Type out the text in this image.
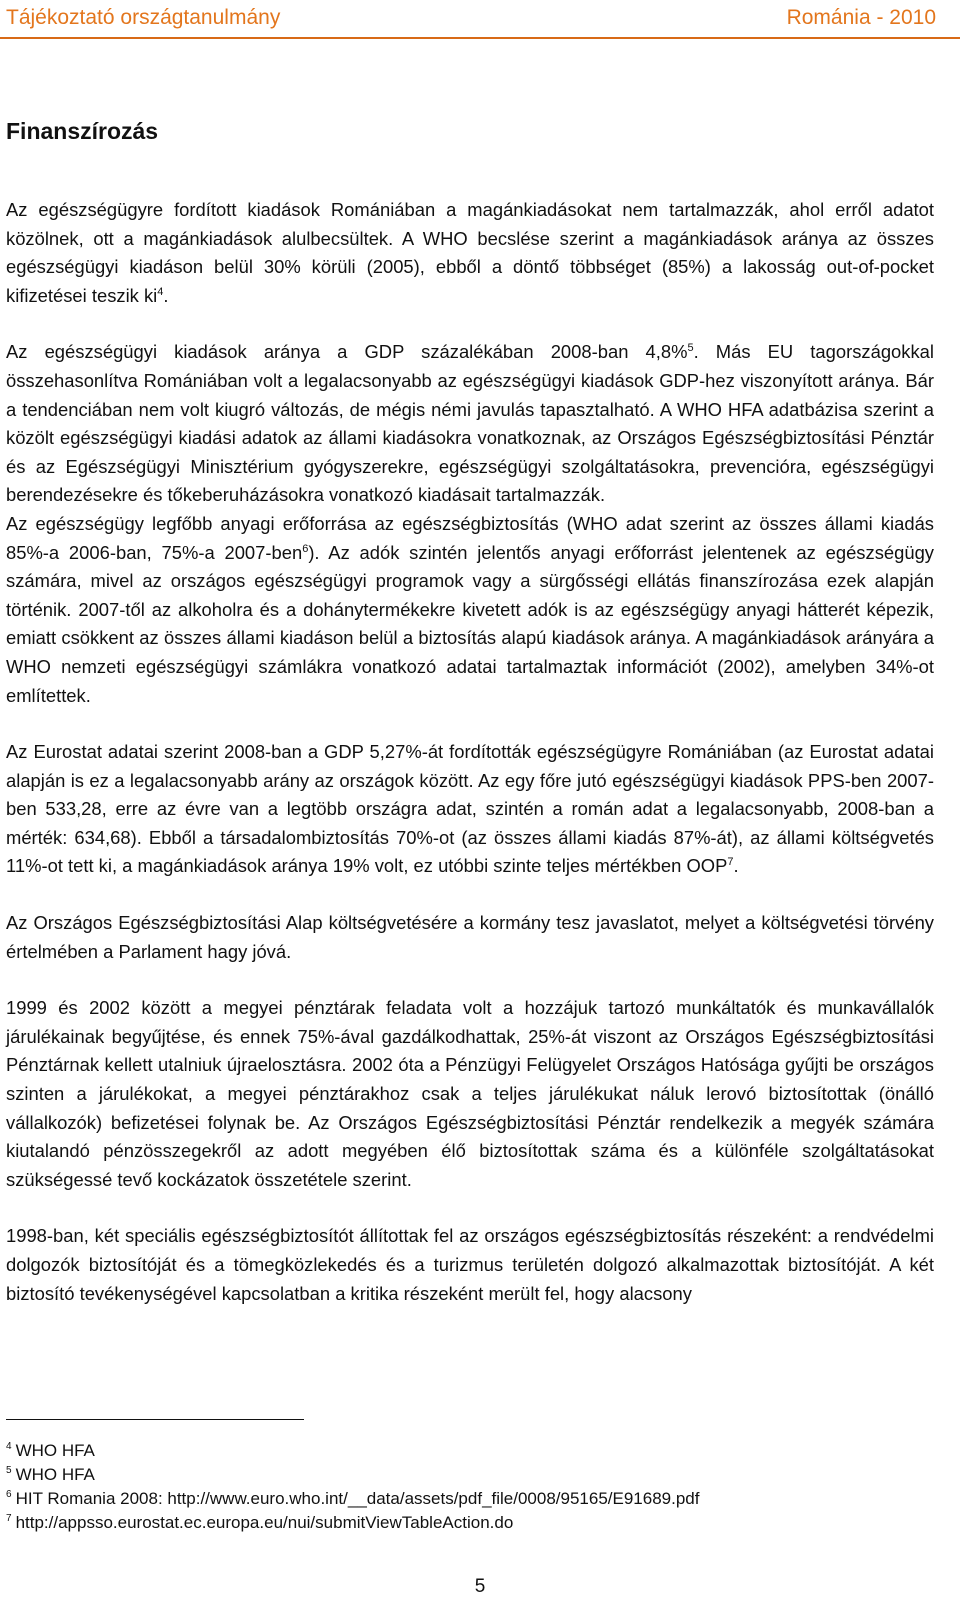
Tájékoztató országtanulmány	Románia - 2010
Finanszírozás

Az egészségügyre fordított kiadások Romániában a magánkiadásokat nem tartalmazzák, ahol erről adatot közölnek, ott a magánkiadások alulbecsültek. A WHO becslése szerint a magánkiadások aránya az összes egészségügyi kiadáson belül 30% körüli (2005), ebből a döntő többséget (85%) a lakosság out-of-pocket kifizetései teszik $ki^4$.

Az egészségügyi kiadások aránya a GDP százalékában 2008-ban 4,8%$^5$. Más EU tagországokkal összehasonlítva Romániában volt a legalacsonyabb az egészségügyi kiadások GDP-hez viszonyított aránya. Bár a tendenciában nem volt kiugró változás, de mégis némi javulás tapasztalható. A WHO HFA adatbázisa szerint a közölt egészségügyi kiadási adatok az állami kiadásokra vonatkoznak, az Országos Egészségbiztosítási Pénztár és az Egészségügyi Minisztérium gyógyszerekre, egészségügyi szolgáltatásokra, prevencióra, egészségügyi berendezésekre és tőkeberuházásokra vonatkozó kiadásait tartalmazzák.

Az egészségügy legfőbb anyagi erőforrása az egészségbiztosítás (WHO adat szerint az összes állami kiadás 85%-a 2006-ban, 75%-a 2007-ben$^6$). Az adók szintén jelentős anyagi erőforrást jelentenek az egészségügy számára, mivel az országos egészségügyi programok vagy a sürgősségi ellátás finanszírozása ezek alapján történik. 2007-től az alkoholra és a dohánytermékekre kivetett adók is az egészségügy anyagi hátterét képezik, emiatt csökkent az összes állami kiadáson belül a biztosítás alapú kiadások aránya. A magánkiadások arányára a WHO nemzeti egészségügyi számlákra vonatkozó adatai tartalmaztak információt (2002), amelyben 34%-ot említettek.

Az Eurostat adatai szerint 2008-ban a GDP 5,27%-át fordították egészségügyre Romániában (az Eurostat adatai alapján is ez a legalacsonyabb arány az országok között. Az egy főre jutó egészségügyi kiadások PPS-ben 2007-ben 533,28, erre az évre van a legtöbb országra adat, szintén a román adat a legalacsonyabb, 2008-ban a mérték: 634,68). Ebből a társadalombiztosítás 70%-ot (az összes állami kiadás 87%-át), az állami költségvetés 11%-ot tett ki, a magánkiadások aránya 19% volt, ez utóbbi szinte teljes mértékben OOP$^7$.

Az Országos Egészségbiztosítási Alap költségvetésére a kormány tesz javaslatot, melyet a költségvetési törvény értelmében a Parlament hagy jóvá.

1999 és 2002 között a megyei pénztárak feladata volt a hozzájuk tartozó munkáltatók és munkavállalók járulékainak begyűjtése, és ennek 75%-ával gazdálkodhattak, 25%-át viszont az Országos Egészségbiztosítási Pénztárnak kellett utalniuk újraelosztásra. 2002 óta a Pénzügyi Felügyelet Országos Hatósága gyűjti be országos szinten a járulékokat, a megyei pénztárakhoz csak a teljes járulékukat náluk lerovó biztosítottak (önálló vállalkozók) befizetései folynak be. Az Országos Egészségbiztosítási Pénztár rendelkezik a megyék számára kiutalandó pénzösszegekről az adott megyében élő biztosítottak száma és a különféle szolgáltatásokat szükségessé tevő kockázatok összetétele szerint.

1998-ban, két speciális egészségbiztosítót állítottak fel az országos egészségbiztosítás részeként: a rendvédelmi dolgozók biztosítóját és a tömegközlekedés és a turizmus területén dolgozó alkalmazottak biztosítóját. A két biztosító tevékenységével kapcsolatban a kritika részeként merült fel, hogy alacsony

$^4$ WHO HFA
$^5$ WHO HFA
$^6$ HIT Romania 2008: http://www.euro.who.int/__data/assets/pdf_file/0008/95165/E91689.pdf
$^7$ http://appsso.eurostat.ec.europa.eu/nui/submitViewTableAction.do
5
